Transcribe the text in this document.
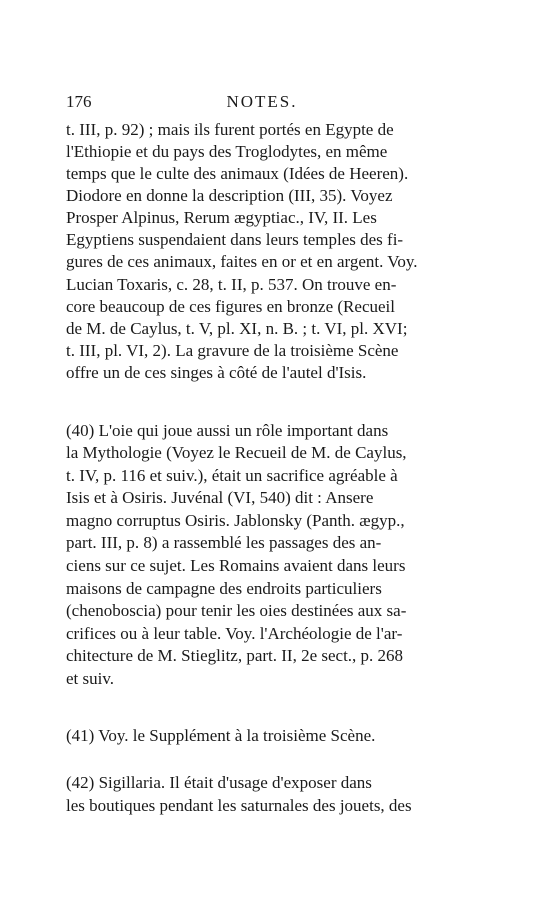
176	NOTES.
t. III, p. 92) ; mais ils furent portés en Egypte de
l'Ethiopie et du pays des Troglodytes, en même
temps que le culte des animaux (Idées de Heeren).
Diodore en donne la description (III, 35). Voyez
Prosper Alpinus, Rerum ægyptiac., IV, II. Les
Egyptiens suspendaient dans leurs temples des fi-
gures de ces animaux, faites en or et en argent. Voy.
Lucian Toxaris, c. 28, t. II, p. 537. On trouve en-
core beaucoup de ces figures en bronze (Recueil
de M. de Caylus, t. V, pl. XI, n. B. ; t. VI, pl. XVI;
t. III, pl. VI, 2). La gravure de la troisième Scène
offre un de ces singes à côté de l'autel d'Isis.
(40) L'oie qui joue aussi un rôle important dans
la Mythologie (Voyez le Recueil de M. de Caylus,
t. IV, p. 116 et suiv.), était un sacrifice agréable à
Isis et à Osiris. Juvénal (VI, 540) dit : Ansere
magno corruptus Osiris. Jablonsky (Panth. ægyp.,
part. III, p. 8) a rassemblé les passages des an-
ciens sur ce sujet. Les Romains avaient dans leurs
maisons de campagne des endroits particuliers
(chenoboscia) pour tenir les oies destinées aux sa-
crifices ou à leur table. Voy. l'Archéologie de l'ar-
chitecture de M. Stieglitz, part. II, 2e sect., p. 268
et suiv.
(41) Voy. le Supplément à la troisième Scène.
(42) Sigillaria. Il était d'usage d'exposer dans
les boutiques pendant les saturnales des jouets, des
